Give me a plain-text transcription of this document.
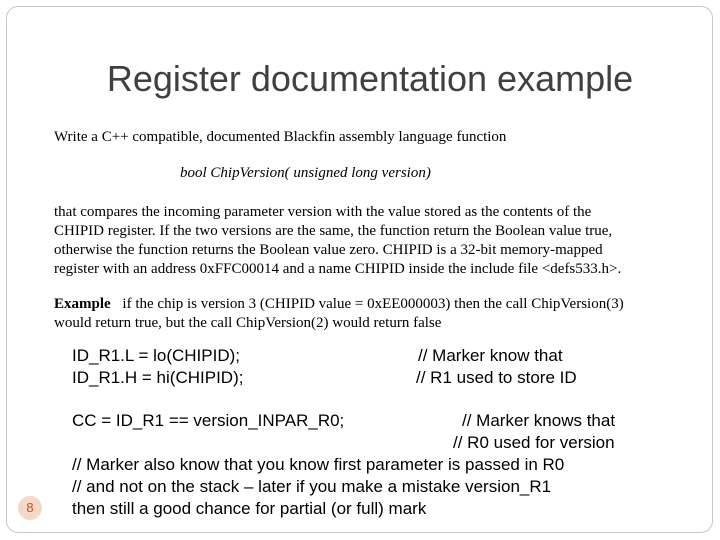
Register documentation example
Write a C++ compatible, documented Blackfin assembly language function
bool ChipVersion( unsigned long version)
that compares the incoming parameter version with the value stored as the contents of the
CHIPID register. If the two versions are the same, the function return the Boolean value true,
otherwise the function returns the Boolean value zero. CHIPID is a 32-bit memory-mapped
register with an address 0xFFC00014 and a name CHIPID inside the include file <defs533.h>.
Example if the chip is version 3 (CHIPID value = 0xEE000003) then the call ChipVersion(3)
would return true, but the call ChipVersion(2) would return false
ID_R1.L = lo(CHIPID);
ID_R1.H = hi(CHIPID);
// Marker know that
// R1 used to store ID
CC = ID_R1 == version_INPAR_R0;	// Marker knows that
// R0 used for version
// Marker also know that you know first parameter is passed in R0
// and not on the stack – later if you make a mistake version_R1
then still a good chance for partial (or full) mark
8
